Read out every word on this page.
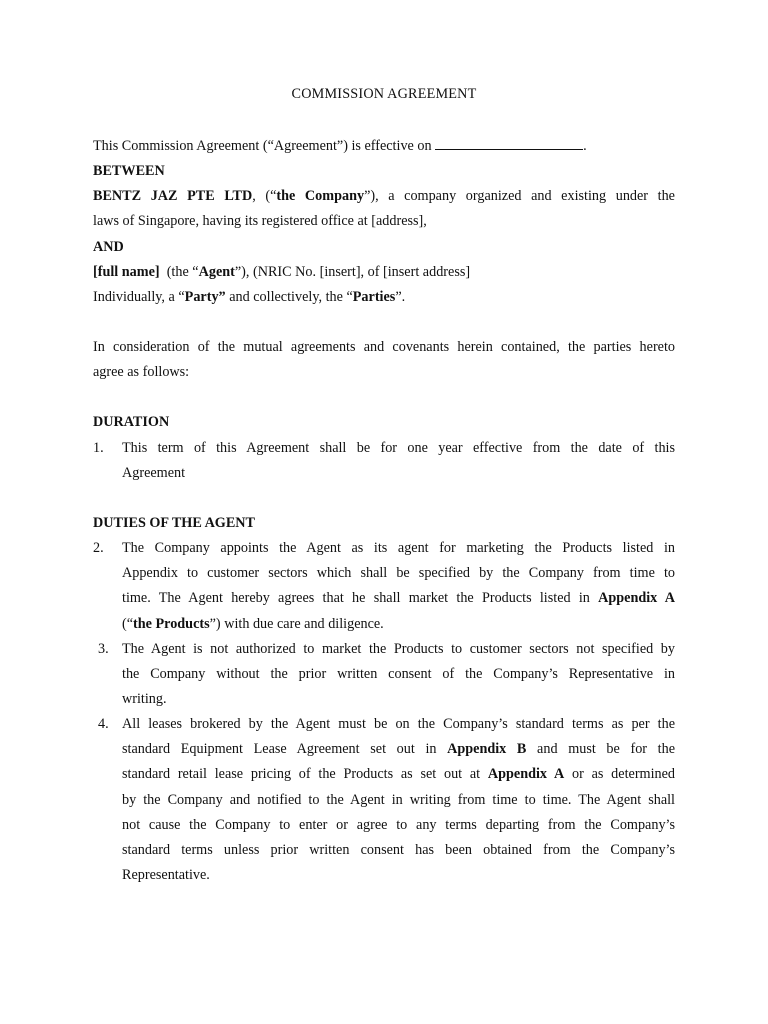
COMMISSION AGREEMENT
This Commission Agreement (“Agreement”) is effective on	.
BETWEEN
BENTZ JAZ PTE LTD, (“the Company”), a company organized and existing under the
laws of Singapore, having its registered office at [address],
AND
[full name]  (the “Agent”), (NRIC No. [insert], of [insert address]
Individually, a “Party” and collectively, the “Parties”.
In consideration of the mutual agreements and covenants herein contained, the parties hereto
agree as follows:
DURATION
1. This term of this Agreement shall be for one year effective from the date of this
Agreement
DUTIES OF THE AGENT
2. The Company appoints the Agent as its agent for marketing the Products listed in
Appendix to customer sectors which shall be specified by the Company from time to
time. The Agent hereby agrees that he shall market the Products listed in Appendix A
(“the Products”) with due care and diligence.
3. The Agent is not authorized to market the Products to customer sectors not specified by
the Company without the prior written consent of the Company’s Representative in
writing.
4. All leases brokered by the Agent must be on the Company’s standard terms as per the
standard Equipment Lease Agreement set out in Appendix B and must be for the
standard retail lease pricing of the Products as set out at Appendix A or as determined
by the Company and notified to the Agent in writing from time to time. The Agent shall
not cause the Company to enter or agree to any terms departing from the Company’s
standard terms unless prior written consent has been obtained from the Company’s
Representative.
